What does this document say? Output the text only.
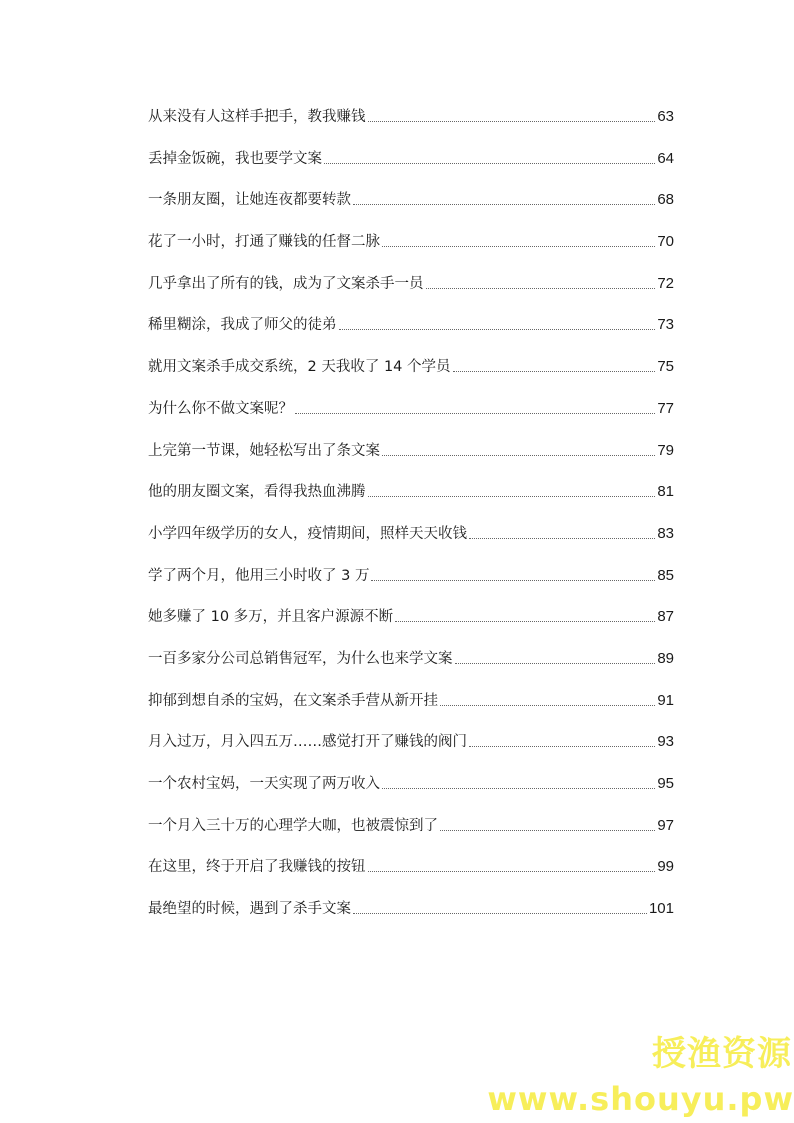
从来没有人这样手把手，教我赚钱	63
丢掉金饭碗，我也要学文案	64
一条朋友圈，让她连夜都要转款	68
花了一小时，打通了赚钱的任督二脉	70
几乎拿出了所有的钱，成为了文案杀手一员	72
稀里糊涂，我成了师父的徒弟	73
就用文案杀手成交系统，2 天我收了 14 个学员	75
为什么你不做文案呢？	77
上完第一节课，她轻松写出了条文案	79
他的朋友圈文案，看得我热血沸腾	81
小学四年级学历的女人，疫情期间，照样天天收钱	83
学了两个月，他用三小时收了 3 万	85
她多赚了 10 多万，并且客户源源不断	87
一百多家分公司总销售冠军，为什么也来学文案	89
抑郁到想自杀的宝妈，在文案杀手营从新开挂	91
月入过万，月入四五万……感觉打开了赚钱的阀门	93
一个农村宝妈，一天实现了两万收入	95
一个月入三十万的心理学大咖，也被震惊到了	97
在这里，终于开启了我赚钱的按钮	99
最绝望的时候，遇到了杀手文案	101
授渔资源
www.shouyu.pw
